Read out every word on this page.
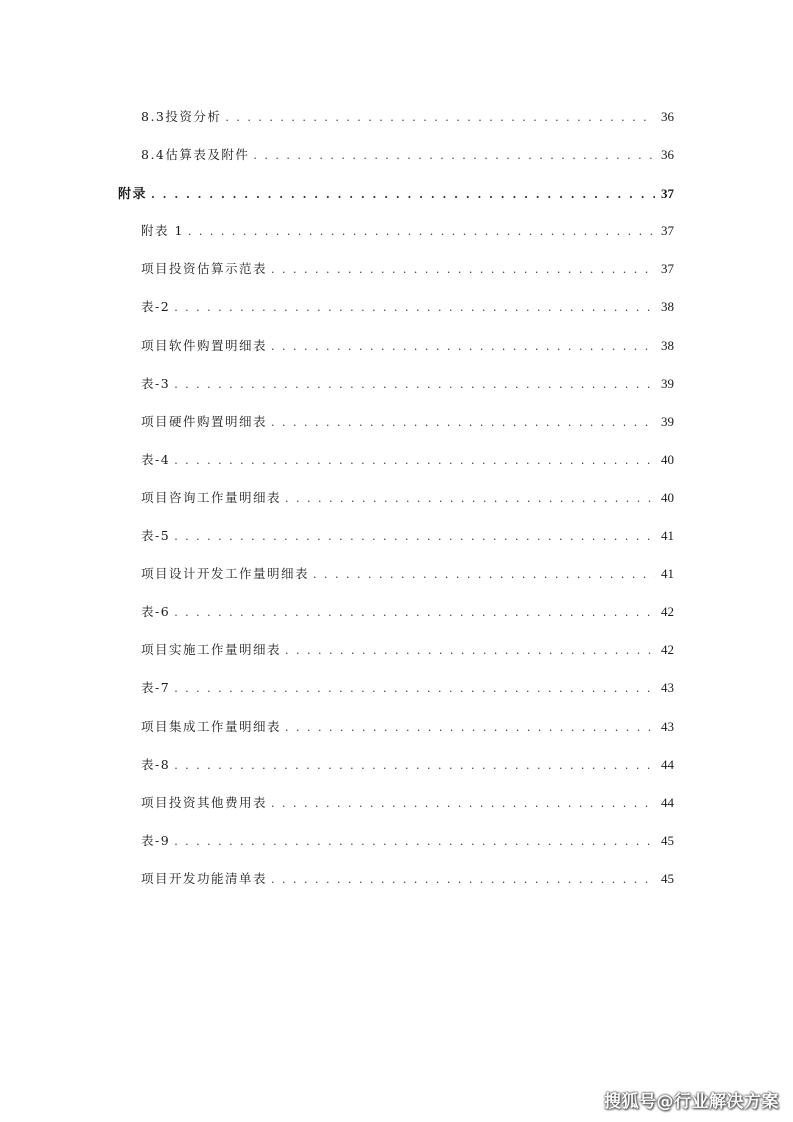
8.3投资分析 . . .	36
8.4估算表及附件 . . .	36
附录 . . .	37
附表 1 . . .	37
项目投资估算示范表 . . .	37
表-2 . . .	38
项目软件购置明细表 . . .	38
表-3 . . .	39
项目硬件购置明细表 . . .	39
表-4 . . .	40
项目咨询工作量明细表 . . .	40
表-5 . . .	41
项目设计开发工作量明细表 . . .	41
表-6 . . .	42
项目实施工作量明细表 . . .	42
表-7 . . .	43
项目集成工作量明细表 . . .	43
表-8 . . .	44
项目投资其他费用表 . . .	44
表-9 . . .	45
项目开发功能清单表 . . .	45
搜狐号@行业解决方案
